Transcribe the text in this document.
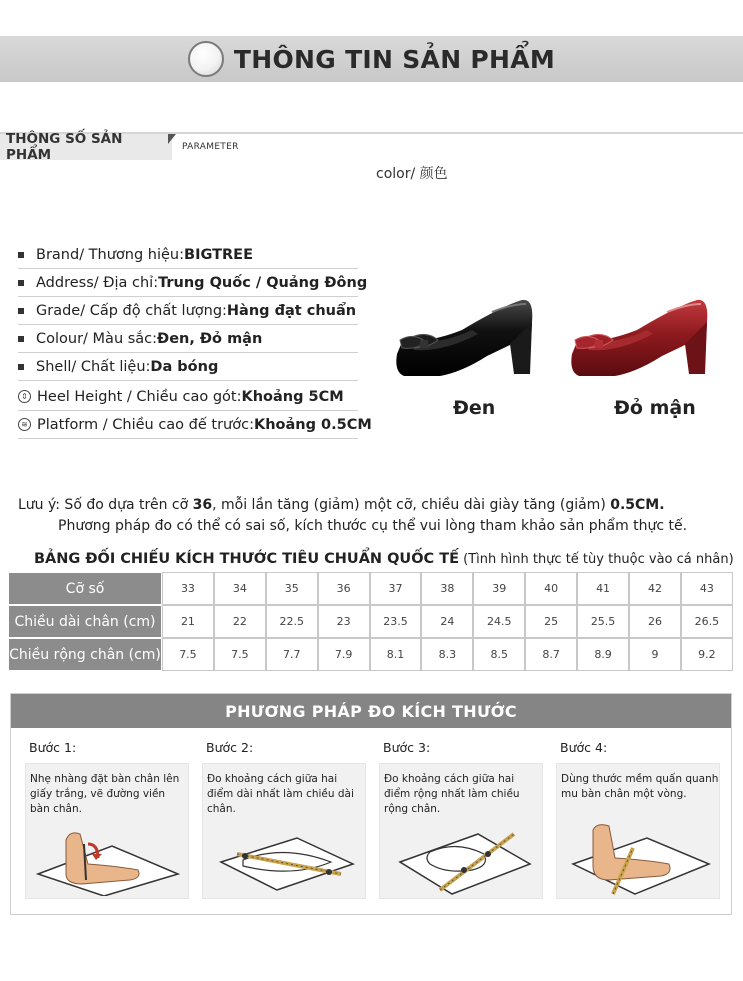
THÔNG TIN SẢN PHẨM
THÔNG SỐ SẢN PHẨM	PARAMETER
color/ 颜色
Brand/ Thương hiệu: BIGTREE
Address/ Địa chỉ: Trung Quốc / Quảng Đông
Grade/ Cấp độ chất lượng: Hàng đạt chuẩn
Colour/ Màu sắc: Đen, Đỏ mận
Shell/ Chất liệu: Da bóng
⇕ Heel Height / Chiều cao gót: Khoảng 5CM
≋ Platform / Chiều cao đế trước: Khoảng 0.5CM
Đen	Đỏ mận
Lưu ý: Số đo dựa trên cỡ 36, mỗi lần tăng (giảm) một cỡ, chiều dài giày tăng (giảm) 0.5CM.
Phương pháp đo có thể có sai số, kích thước cụ thể vui lòng tham khảo sản phẩm thực tế.
BẢNG ĐỐI CHIẾU KÍCH THƯỚC TIÊU CHUẨN QUỐC TẾ (Tình hình thực tế tùy thuộc vào cá nhân)
Cỡ số	33	34	35	36	37	38	39	40	41	42	43
Chiều dài chân (cm)	21	22	22.5	23	23.5	24	24.5	25	25.5	26	26.5
Chiều rộng chân (cm)	7.5	7.5	7.7	7.9	8.1	8.3	8.5	8.7	8.9	9	9.2
PHƯƠNG PHÁP ĐO KÍCH THƯỚC
Bước 1:
Nhẹ nhàng đặt bàn chân lên giấy trắng, vẽ đường viền bàn chân.
Bước 2:
Đo khoảng cách giữa hai điểm dài nhất làm chiều dài chân.
Bước 3:
Đo khoảng cách giữa hai điểm rộng nhất làm chiều rộng chân.
Bước 4:
Dùng thước mềm quấn quanh mu bàn chân một vòng.
